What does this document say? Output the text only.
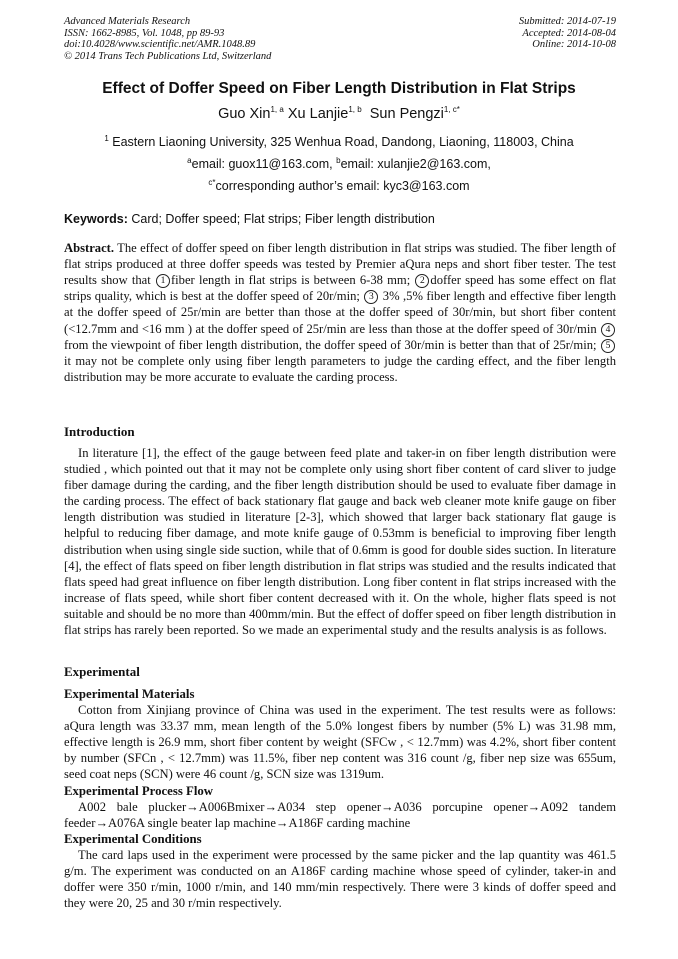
Advanced Materials Research
ISSN: 1662-8985, Vol. 1048, pp 89-93
doi:10.4028/www.scientific.net/AMR.1048.89
© 2014 Trans Tech Publications Ltd, Switzerland
Submitted: 2014-07-19
Accepted: 2014-08-04
Online: 2014-10-08
Effect of Doffer Speed on Fiber Length Distribution in Flat Strips
Guo Xin$^{1, a}$ Xu Lanjie$^{1, b}$ Sun Pengzi$^{1, c*}$
$^1$ Eastern Liaoning University, 325 Wenhua Road, Dandong, Liaoning, 118003, China
$^a$email: guox11@163.com, $^b$email: xulanjie2@163.com,
$^{c*}$corresponding author’s email: kyc3@163.com
Keywords: Card; Doffer speed; Flat strips; Fiber length distribution

Abstract. The effect of doffer speed on fiber length distribution in flat strips was studied. The fiber length of flat strips produced at three doffer speeds was tested by Premier aQura neps and short fiber tester. The test results show that 1 fiber length in flat strips is between 6-38 mm; 2 doffer speed has some effect on flat strips quality, which is best at the doffer speed of 20r/min; 3 3% ,5% fiber length and effective fiber length at the doffer speed of 25r/min are better than those at the doffer speed of 30r/min, but short fiber content (<12.7mm and <16 mm ) at the doffer speed of 25r/min are less than those at the doffer speed of 30r/min 4 from the viewpoint of fiber length distribution, the doffer speed of 30r/min is better than that of 25r/min; 5it may not be complete only using fiber length parameters to judge the carding effect, and the fiber length distribution may be more accurate to evaluate the carding process.

Introduction

In literature [1], the effect of the gauge between feed plate and taker-in on fiber length distribution were studied , which pointed out that it may not be complete only using short fiber content of card sliver to judge fiber damage during the carding, and the fiber length distribution should be used to evaluate fiber damage in the carding process. The effect of back stationary flat gauge and back web cleaner mote knife gauge on fiber length distribution was studied in literature [2-3], which showed that larger back stationary flat gauge is helpful to reducing fiber damage, and mote knife gauge of 0.53mm is beneficial to improving fiber length distribution when using single side suction, while that of 0.6mm is good for double sides suction. In literature [4], the effect of flats speed on fiber length distribution in flat strips was studied and the results indicated that flats speed had great influence on fiber length distribution. Long fiber content in flat strips increased with the increase of flats speed, while short fiber content decreased with it. On the whole, higher flats speed is not suitable and should be no more than 400mm/min. But the effect of doffer speed on fiber length distribution in flat strips has rarely been reported. So we made an experimental study and the results analysis is as follows.

Experimental
Experimental Materials

Cotton from Xinjiang province of China was used in the experiment. The test results were as follows: aQura length was 33.37 mm, mean length of the 5.0% longest fibers by number (5% L) was 31.98 mm, effective length is 26.9 mm, short fiber content by weight (SFCw , < 12.7mm) was 4.2%, short fiber content by number (SFCn , < 12.7mm) was 11.5%, fiber nep content was 316 count /g, fiber nep size was 655um, seed coat neps (SCN) were 46 count /g, SCN size was 1319um.

Experimental Process Flow

A002 bale plucker→A006Bmixer→A034 step opener→A036 porcupine opener→A092 tandem feeder→A076A single beater lap machine→A186F carding machine

Experimental Conditions

The card laps used in the experiment were processed by the same picker and the lap quantity was 461.5 g/m. The experiment was conducted on an A186F carding machine whose speed of cylinder, taker-in and doffer were 350 r/min, 1000 r/min, and 140 mm/min respectively. There were 3 kinds of doffer speed and they were 20, 25 and 30 r/min respectively.
